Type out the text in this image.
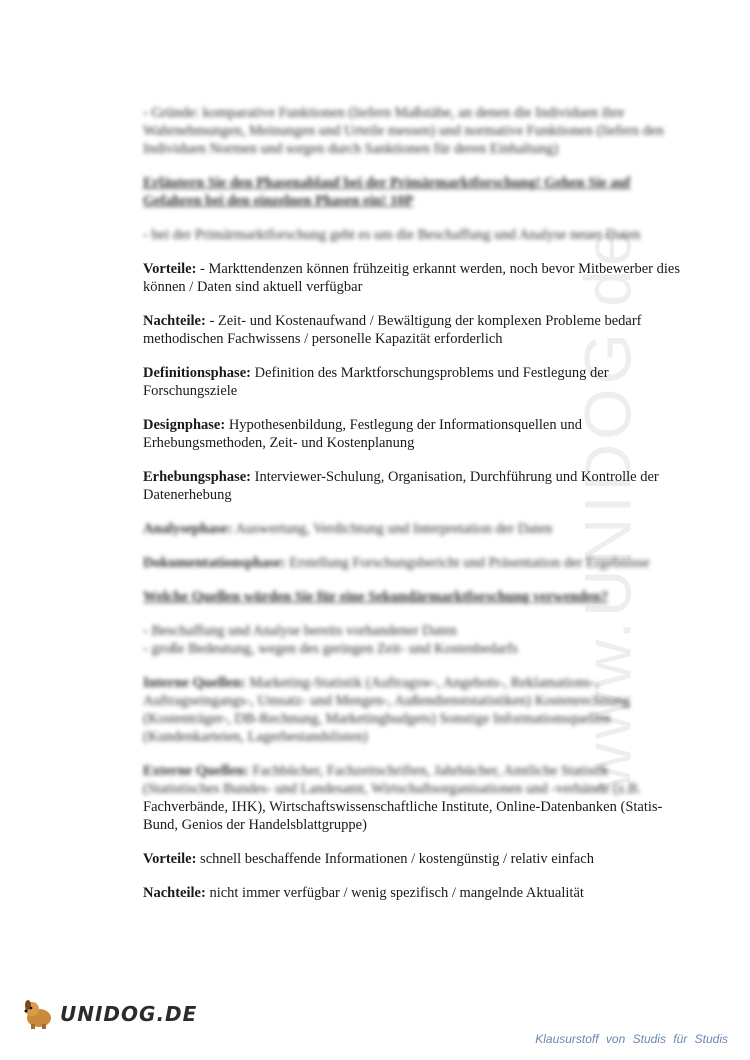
www.UNIDOG.de

- Gründe: komparative Funktionen (liefern Maßstäbe, an denen die Individuen ihre Wahrnehmungen, Meinungen und Urteile messen) und normative Funktionen (liefern den Individuen Normen und sorgen durch Sanktionen für deren Einhaltung)

Erläutern Sie den Phasenablauf bei der Primärmarktforschung! Gehen Sie auf Gefahren bei den einzelnen Phasen ein! 10P

- bei der Primärmarktforschung geht es um die Beschaffung und Analyse neuer Daten

Vorteile: - Markttendenzen können frühzeitig erkannt werden, noch bevor Mitbewerber dies können / Daten sind aktuell verfügbar

Nachteile: - Zeit- und Kostenaufwand / Bewältigung der komplexen Probleme bedarf methodischen Fachwissens / personelle Kapazität erforderlich

Definitionsphase: Definition des Marktforschungsproblems und Festlegung der Forschungsziele

Designphase: Hypothesenbildung, Festlegung der Informationsquellen und Erhebungsmethoden, Zeit- und Kostenplanung

Erhebungsphase: Interviewer-Schulung, Organisation, Durchführung und Kontrolle der Datenerhebung

Analysephase: Auswertung, Verdichtung und Interpretation der Daten

Dokumentationsphase: Erstellung Forschungsbericht und Präsentation der Ergebnisse

Welche Quellen würden Sie für eine Sekundärmarktforschung verwenden?

- Beschaffung und Analyse bereits vorhandener Daten
- große Bedeutung, wegen des geringen Zeit- und Kostenbedarfs

Interne Quellen: Marketing-Statistik (Auftragsw-, Angebots-, Reklamations-, Auftragseingangs-, Umsatz- und Mengen-, Außendienststatistiken) Kostenrechnung (Kostenträger-, DB-Rechnung, Marketingbudgets) Sonstige Informationsquellen (Kundenkarteien, Lagerbestandslisten)

Externe Quellen: Fachbücher, Fachzeitschriften, Jahrbücher, Amtliche Statistik (Statistisches Bundes- und Landesamt, Wirtschaftsorganisationen und -verbände (z.B. Fachverbände, IHK), Wirtschaftswissenschaftliche Institute, Online-Datenbanken (Statis-Bund, Genios der Handelsblattgruppe)

Vorteile: schnell beschaffende Informationen / kostengünstig / relativ einfach

Nachteile: nicht immer verfügbar / wenig spezifisch / mangelnde Aktualität

UNIDOG.DE
Klausurstoff von Studis für Studis
